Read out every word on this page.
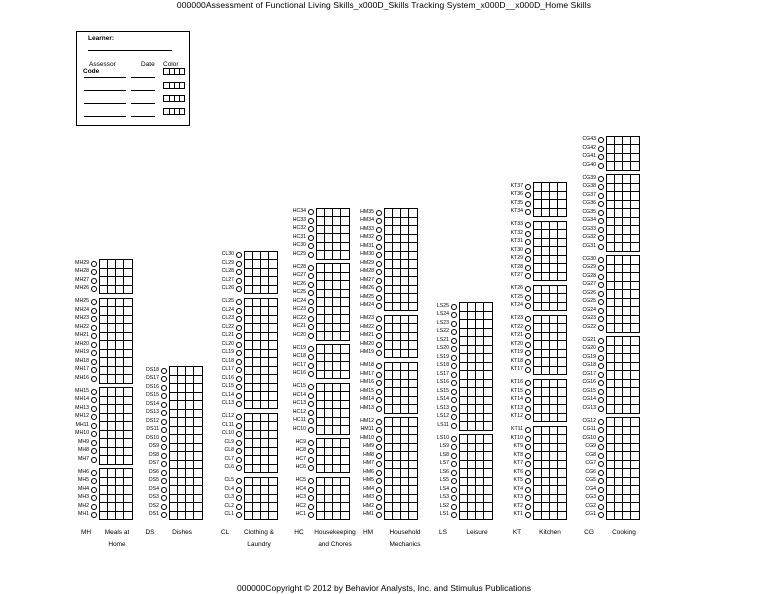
000000Assessment of Functional Living Skills_x000D_Skills Tracking System_x000D__x000D_Home Skills
Learner:
Assessor
Code
Date Color
MH6
MH5
MH4
MH3
MH2
MH1
MH15
MH14
MH13
MH12
MH11
MH10
MH9
MH8
MH7
MH25
MH24
MH23
MH22
MH21
MH20
MH19
MH18
MH17
MH16
MH29
MH28
MH27
MH26
MH	Meals at
Home
DS18
DS17
DS16
DS15
DS14
DS13
DS12
DS11
DS10
DS9
DS8
DS7
DS6
DS5
DS4
DS3
DS2
DS1
DS	Dishes
CL5
CL4
CL3
CL2
CL1
CL12
CL11
CL10
CL9
CL8
CL7
CL6
CL25
CL24
CL23
CL22
CL21
CL20
CL19
CL18
CL17
CL16
CL15
CL14
CL13
CL30
CL29
CL28
CL27
CL26
CL	Clothing &
Laundry
HC5
HC4
HC3
HC2
HC1
HC9
HC8
HC7
HC6
HC15
HC14
HC13
HC12
HC11
HC10
HC19
HC18
HC17
HC16
HC28
HC27
HC26
HC25
HC24
HC23
HC22
HC21
HC20
HC34
HC33
HC32
HC31
HC30
HC29
HC	Housekeeping
and Chores
HM12
HM11
HM10
HM9
HM8
HM7
HM6
HM5
HM4
HM3
HM2
HM1
HM18
HM17
HM16
HM15
HM14
HM13
HM23
HM22
HM21
HM20
HM19
HM35
HM34
HM33
HM32
HM31
HM30
HM29
HM28
HM27
HM26
HM25
HM24
HM	Household
Mechanics
LS10
LS9
LS8
LS7
LS6
LS5
LS4
LS3
LS2
LS1
LS25
LS24
LS23
LS22
LS21
LS20
LS19
LS18
LS17
LS16
LS15
LS14
LS13
LS12
LS11
LS	Leisure
KT11
KT10
KT9
KT8
KT7
KT6
KT5
KT4
KT3
KT2
KT1
KT16
KT15
KT14
KT13
KT12
KT23
KT22
KT21
KT20
KT19
KT18
KT17
KT26
KT25
KT24
KT33
KT32
KT31
KT30
KT29
KT28
KT27
KT37
KT36
KT35
KT34
KT	Kitchen
CG12
CG11
CG10
CG9
CG8
CG7
CG6
CG5
CG4
CG3
CG2
CG1
CG21
CG20
CG19
CG18
CG17
CG16
CG15
CG14
CG13
CG30
CG29
CG28
CG27
CG26
CG25
CG24
CG23
CG22
CG39
CG38
CG37
CG36
CG35
CG34
CG33
CG32
CG31
CG43
CG42
CG41
CG40
CG	Cooking
000000Copyright © 2012 by Behavior Analysts, Inc. and Stimulus Publications
